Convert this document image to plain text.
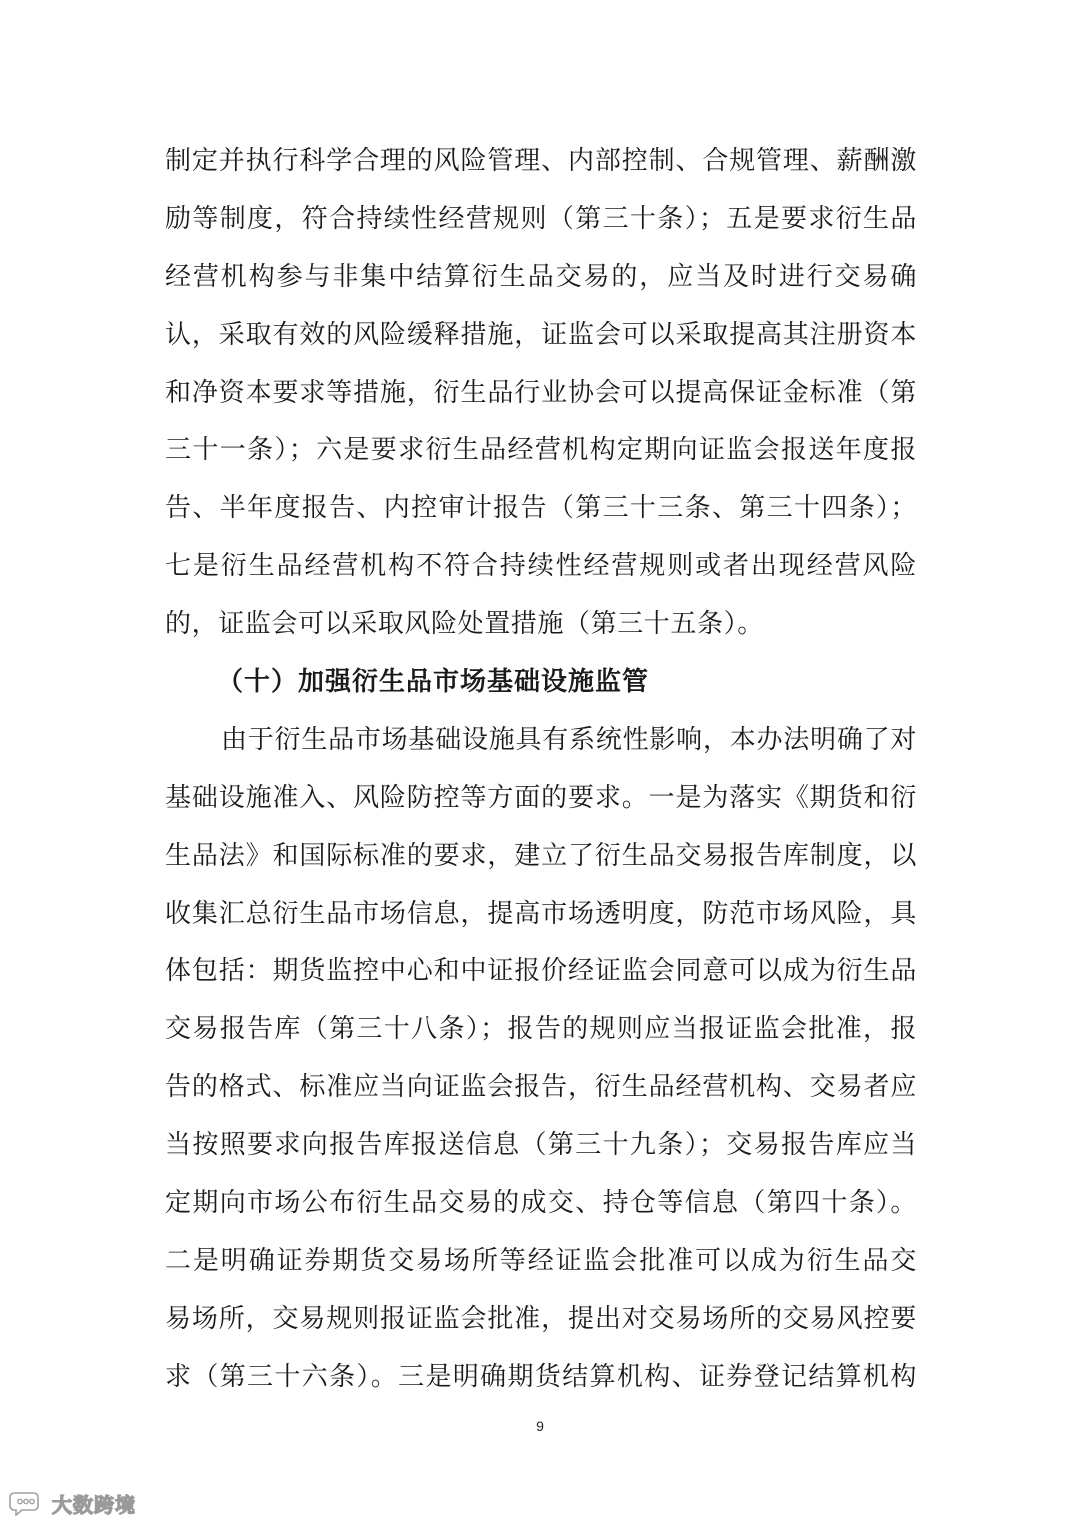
制定并执行科学合理的风险管理、内部控制、合规管理、薪酬激
励等制度，符合持续性经营规则（第三十条）；五是要求衍生品
经营机构参与非集中结算衍生品交易的，应当及时进行交易确
认，采取有效的风险缓释措施，证监会可以采取提高其注册资本
和净资本要求等措施，衍生品行业协会可以提高保证金标准（第
三十一条）；六是要求衍生品经营机构定期向证监会报送年度报
告、半年度报告、内控审计报告（第三十三条、第三十四条）；
七是衍生品经营机构不符合持续性经营规则或者出现经营风险
的，证监会可以采取风险处置措施（第三十五条）。
（十）加强衍生品市场基础设施监管
由于衍生品市场基础设施具有系统性影响，本办法明确了对
基础设施准入、风险防控等方面的要求。一是为落实《期货和衍
生品法》和国际标准的要求，建立了衍生品交易报告库制度，以
收集汇总衍生品市场信息，提高市场透明度，防范市场风险，具
体包括：期货监控中心和中证报价经证监会同意可以成为衍生品
交易报告库（第三十八条）；报告的规则应当报证监会批准，报
告的格式、标准应当向证监会报告，衍生品经营机构、交易者应
当按照要求向报告库报送信息（第三十九条）；交易报告库应当
定期向市场公布衍生品交易的成交、持仓等信息（第四十条）。
二是明确证券期货交易场所等经证监会批准可以成为衍生品交
易场所，交易规则报证监会批准，提出对交易场所的交易风控要
求（第三十六条）。三是明确期货结算机构、证券登记结算机构
9
大数跨境
